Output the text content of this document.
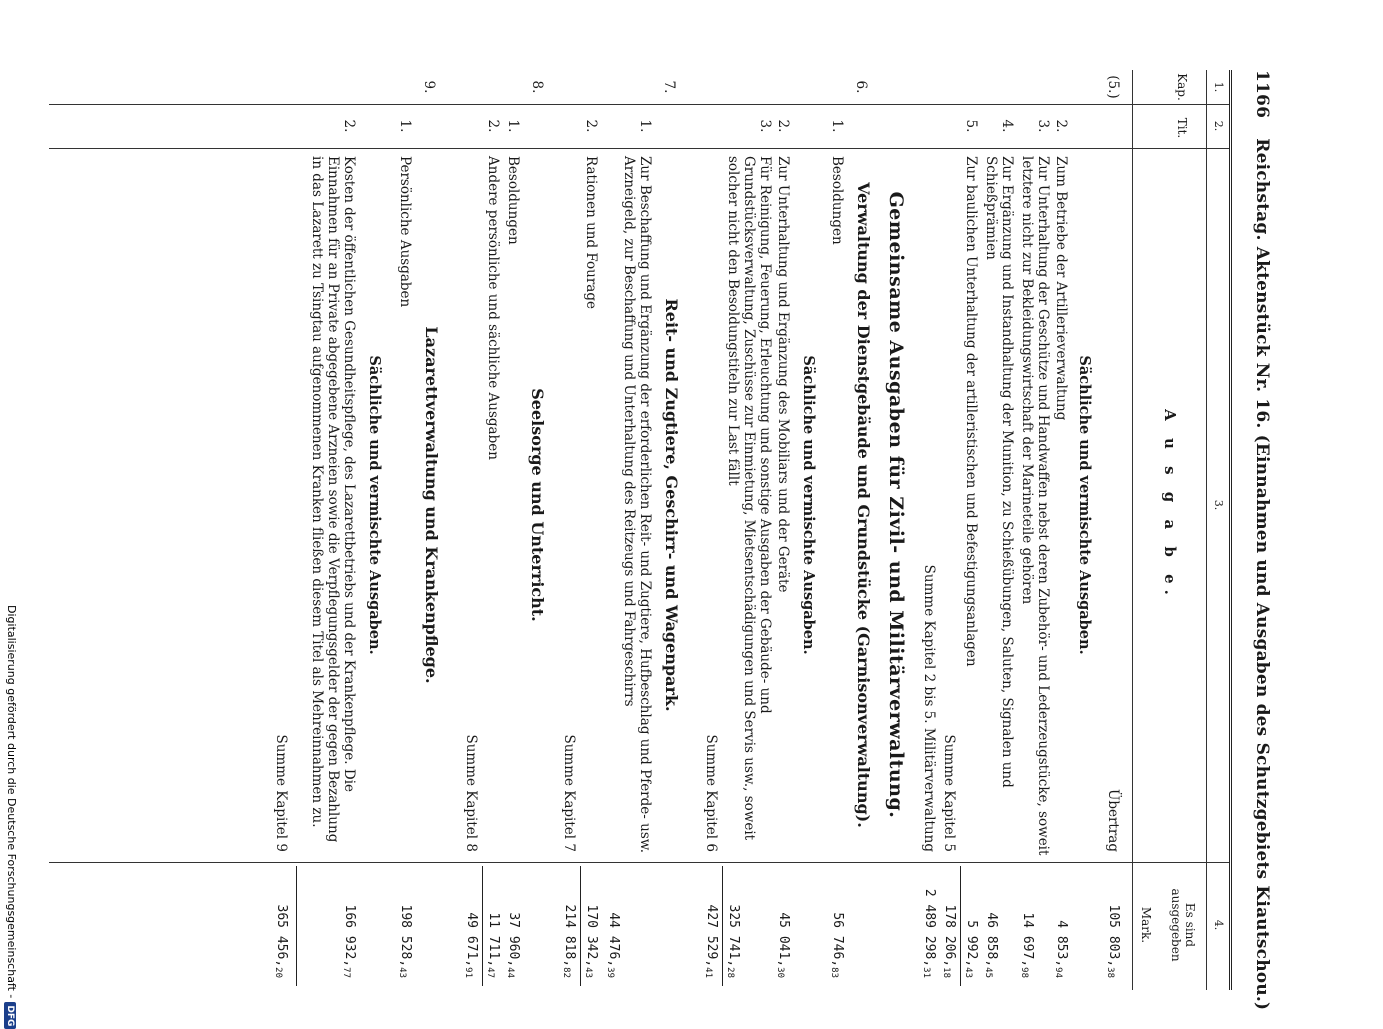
1166 Reichstag. Aktenstück Nr. 16. (Einnahmen und Ausgaben des Schutzgebiets Kiautschou.)
1.
2.
3.
4.
Kap.
Tit.
A u s g a b e.
Es sind ausgegeben
Mark.
(5.)
Übertrag
105 $803,_{38}$
Sächliche und vermischte Ausgaben.
2.
Zum Betriebe der Artillerieverwaltung
4 $853,_{94}$
3.
Zur Unterhaltung der Geschütze und Handwaffen nebst deren Zubehör- und Lederzeugstücke, soweit letztere nicht zur Bekleidungswirtschaft der Marineteile gehören
14 $697,_{98}$
4.
Zur Ergänzung und Instandhaltung der Munition, zu Schießübungen, Saluten, Signalen und Schießprämien
46 $858,_{45}$
5.
Zur baulichen Unterhaltung der artilleristischen und Befestigungsanlagen
5 $992,_{43}$
Summe Kapitel 5
178 $206,_{18}$
Summe Kapitel 2 bis 5. Militärverwaltung
2 489 $298,_{31}$
Gemeinsame Ausgaben für Zivil- und Militärverwaltung.
6.
Verwaltung der Dienstgebäude und Grundstücke (Garnisonverwaltung).
1.
Besoldungen
56 $746,_{83}$
Sächliche und vermischte Ausgaben.
2.
Zur Unterhaltung und Ergänzung des Mobiliars und der Geräte
45 $041,_{30}$
3.
Für Reinigung, Feuerung, Erleuchtung und sonstige Ausgaben der Gebäude- und Grundstücksverwaltung, Zuschüsse zur Einmietung, Mietsentschädigungen und Servis usw., soweit solcher nicht den Besoldungstiteln zur Last fällt
325 $741,_{28}$
Summe Kapitel 6
427 $529,_{41}$
7.
Reit- und Zugtiere, Geschirr- und Wagenpark.
1.
Zur Beschaffung und Ergänzung der erforderlichen Reit- und Zugtiere, Hufbeschlag und Pferde- usw. Arzneigeld, zur Beschaffung und Unterhaltung des Reitzeugs und Fahrgeschirrs
44 $476,_{39}$
2.
Rationen und Fourage
170 $342,_{43}$
Summe Kapitel 7
214 $818,_{82}$
8.
Seelsorge und Unterricht.
1.
Besoldungen
37 $960,_{44}$
2.
Andere persönliche und sächliche Ausgaben
11 $711,_{47}$
Summe Kapitel 8
49 $671,_{91}$
9.
Lazarettverwaltung und Krankenpflege.
1.
Persönliche Ausgaben
198 $528,_{43}$
Sächliche und vermischte Ausgaben.
2.
Kosten der öffentlichen Gesundheitspflege, des Lazarettbetriebs und der Krankenpflege. Die Einnahmen für an Private abgegebene Arzneien sowie die Verpflegungsgelder der gegen Bezahlung in das Lazarett zu Tsingtau aufgenommenen Kranken fließen diesem Titel als Mehreinnahmen zu.
166 $932,_{77}$
Summe Kapitel 9
365 $456,_{20}$
Digitalisierung gefördert durch die Deutsche Forschungsgemeinschaft -DFG
